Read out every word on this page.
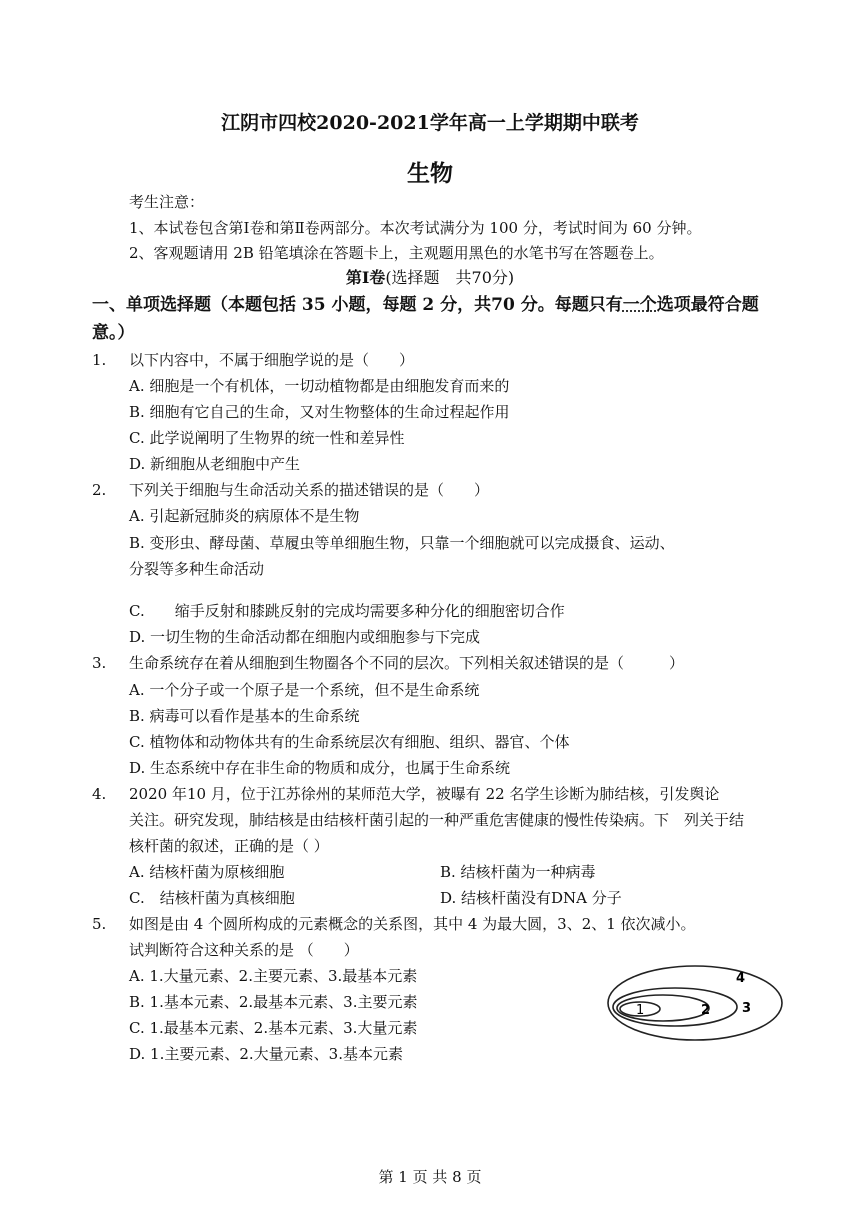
江阴市四校2020-2021学年高一上学期期中联考
生物
考生注意：
1、本试卷包含第Ⅰ卷和第Ⅱ卷两部分。本次考试满分为 100 分，考试时间为 60 分钟。
2、客观题请用 2B 铅笔填涂在答题卡上，主观题用黑色的水笔书写在答题卷上。
第Ⅰ卷(选择题　共70分)
一、单项选择题（本题包括 35 小题，每题 2 分，共70 分。每题只有一个选项最符合题
意。）
1. 以下内容中，不属于细胞学说的是（　　）
A. 细胞是一个有机体，一切动植物都是由细胞发育而来的
B. 细胞有它自己的生命，又对生物整体的生命过程起作用
C. 此学说阐明了生物界的统一性和差异性
D. 新细胞从老细胞中产生
2. 下列关于细胞与生命活动关系的描述错误的是（　　）
A. 引起新冠肺炎的病原体不是生物
B. 变形虫、酵母菌、草履虫等单细胞生物，只靠一个细胞就可以完成摄食、运动、
分裂等多种生命活动
C.　　缩手反射和膝跳反射的完成均需要多种分化的细胞密切合作
D. 一切生物的生命活动都在细胞内或细胞参与下完成
3. 生命系统存在着从细胞到生物圈各个不同的层次。下列相关叙述错误的是（　　　）
A. 一个分子或一个原子是一个系统，但不是生命系统
B. 病毒可以看作是基本的生命系统
C. 植物体和动物体共有的生命系统层次有细胞、组织、器官、个体
D. 生态系统中存在非生命的物质和成分，也属于生命系统
4. 2020 年10 月，位于江苏徐州的某师范大学，被曝有 22 名学生诊断为肺结核，引发舆论
关注。研究发现，肺结核是由结核杆菌引起的一种严重危害健康的慢性传染病。下　列关于结
核杆菌的叙述，正确的是（ ）
A. 结核杆菌为原核细胞	B. 结核杆菌为一种病毒
C.　结核杆菌为真核细胞	D. 结核杆菌没有DNA 分子
5. 如图是由 4 个圆所构成的元素概念的关系图，其中 4 为最大圆，3、2、1 依次减小。
试判断符合这种关系的是 （　　）
A. 1.大量元素、2.主要元素、3.最基本元素
B. 1.基本元素、2.最基本元素、3.主要元素
C. 1.最基本元素、2.基本元素、3.大量元素
D. 1.主要元素、2.大量元素、3.基本元素
1	2 3
4
第 1 页 共 8 页
